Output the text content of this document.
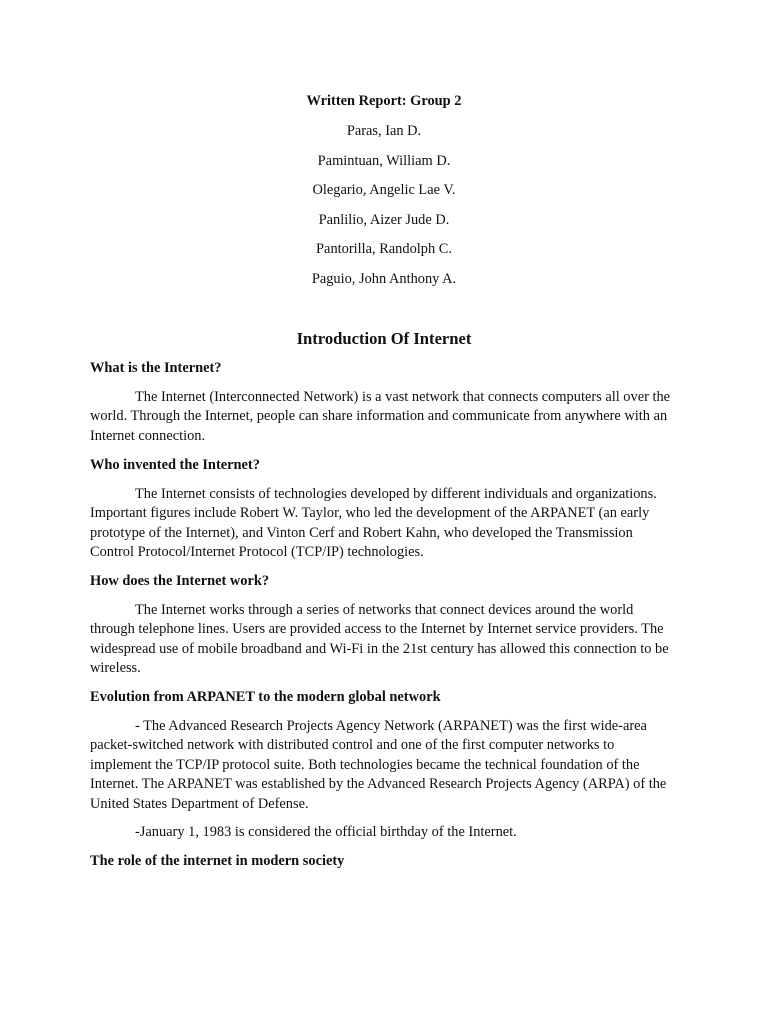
Written Report: Group 2
Paras, Ian D.
Pamintuan, William D.
Olegario, Angelic Lae V.
Panlilio, Aizer Jude D.
Pantorilla, Randolph C.
Paguio, John Anthony A.
Introduction Of Internet
What is the Internet?

The Internet (Interconnected Network) is a vast network that connects computers all over the world. Through the Internet, people can share information and communicate from anywhere with an Internet connection.

Who invented the Internet?

The Internet consists of technologies developed by different individuals and organizations. Important figures include Robert W. Taylor, who led the development of the ARPANET (an early prototype of the Internet), and Vinton Cerf and Robert Kahn, who developed the Transmission Control Protocol/Internet Protocol (TCP/IP) technologies.

How does the Internet work?

The Internet works through a series of networks that connect devices around the world through telephone lines. Users are provided access to the Internet by Internet service providers. The widespread use of mobile broadband and Wi-Fi in the 21st century has allowed this connection to be wireless.

Evolution from ARPANET to the modern global network

- The Advanced Research Projects Agency Network (ARPANET) was the first wide-area packet-switched network with distributed control and one of the first computer networks to implement the TCP/IP protocol suite. Both technologies became the technical foundation of the Internet. The ARPANET was established by the Advanced Research Projects Agency (ARPA) of the United States Department of Defense.

-January 1, 1983 is considered the official birthday of the Internet.

The role of the internet in modern society
